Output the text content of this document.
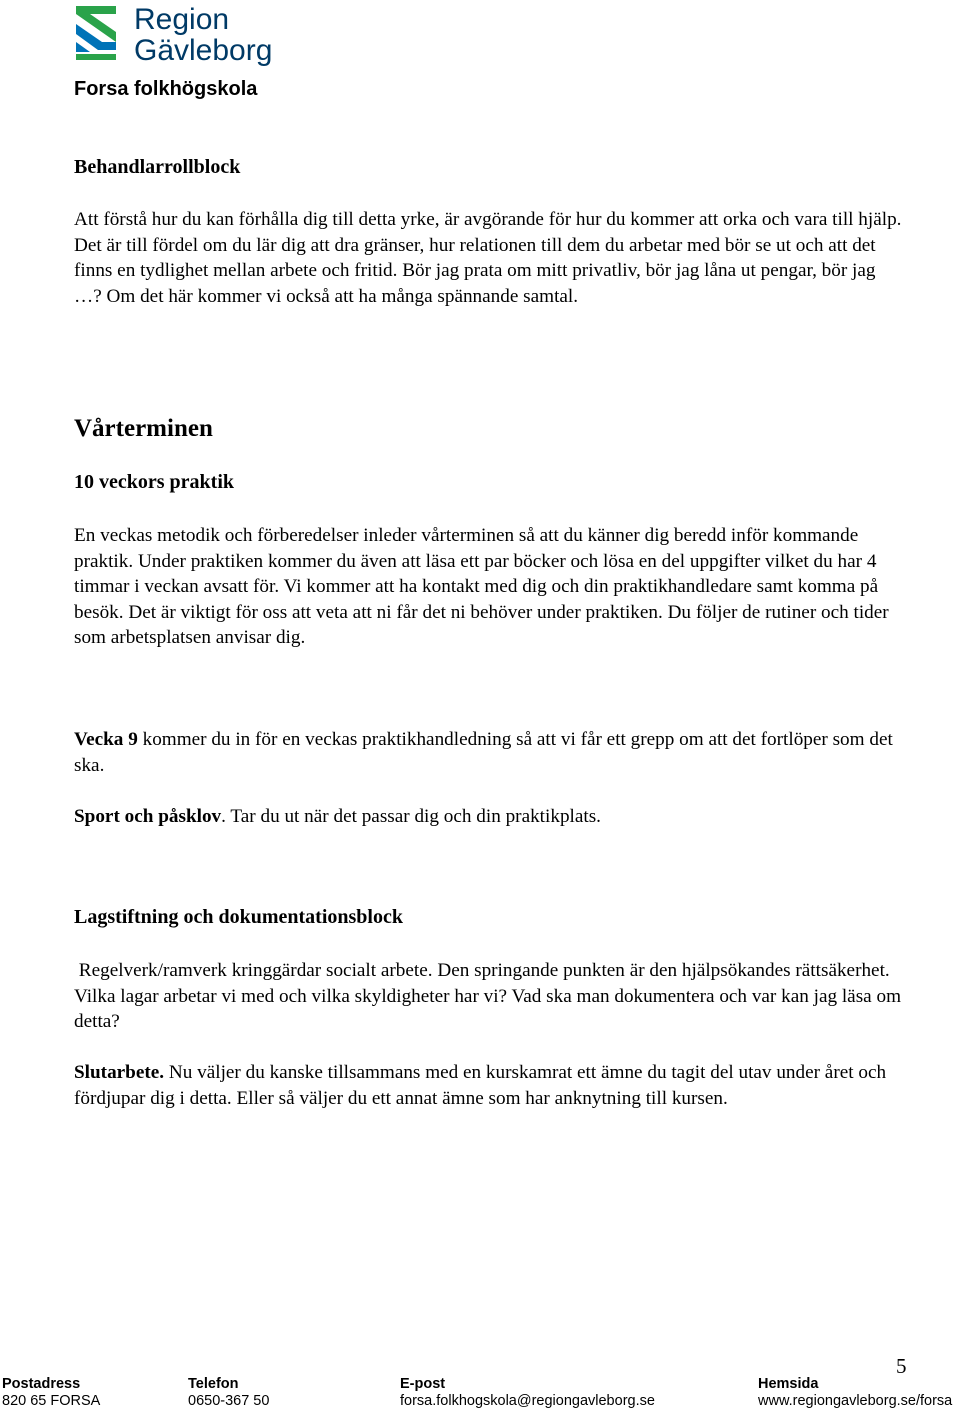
Region
Gävleborg
Forsa folkhögskola
Behandlarrollblock
Att förstå hur du kan förhålla dig till detta yrke, är avgörande för hur du kommer att orka och vara till hjälp. Det är till fördel om du lär dig att dra gränser, hur relationen till dem du arbetar med bör se ut och att det finns en tydlighet mellan arbete och fritid. Bör jag prata om mitt privatliv, bör jag låna ut pengar, bör jag …? Om det här kommer vi också att ha många spännande samtal.
Vårterminen
10 veckors praktik
En veckas metodik och förberedelser inleder vårterminen så att du känner dig beredd inför kommande praktik. Under praktiken kommer du även att läsa ett par böcker och lösa en del uppgifter vilket du har 4 timmar i veckan avsatt för. Vi kommer att ha kontakt med dig och din praktikhandledare samt komma på besök. Det är viktigt för oss att veta att ni får det ni behöver under praktiken. Du följer de rutiner och tider som arbetsplatsen anvisar dig.
Vecka 9 kommer du in för en veckas praktikhandledning så att vi får ett grepp om att det fortlöper som det ska.
Sport och påsklov. Tar du ut när det passar dig och din praktikplats.
Lagstiftning och dokumentationsblock
Regelverk/ramverk kringgärdar socialt arbete. Den springande punkten är den hjälpsökandes rättsäkerhet. Vilka lagar arbetar vi med och vilka skyldigheter har vi? Vad ska man dokumentera och var kan jag läsa om detta?
Slutarbete. Nu väljer du kanske tillsammans med en kurskamrat ett ämne du tagit del utav under året och fördjupar dig i detta. Eller så väljer du ett annat ämne som har anknytning till kursen.
5
Postadress
820 65 FORSA
Telefon
0650-367 50
E-post
forsa.folkhogskola@regiongavleborg.se
Hemsida
www.regiongavleborg.se/forsa
